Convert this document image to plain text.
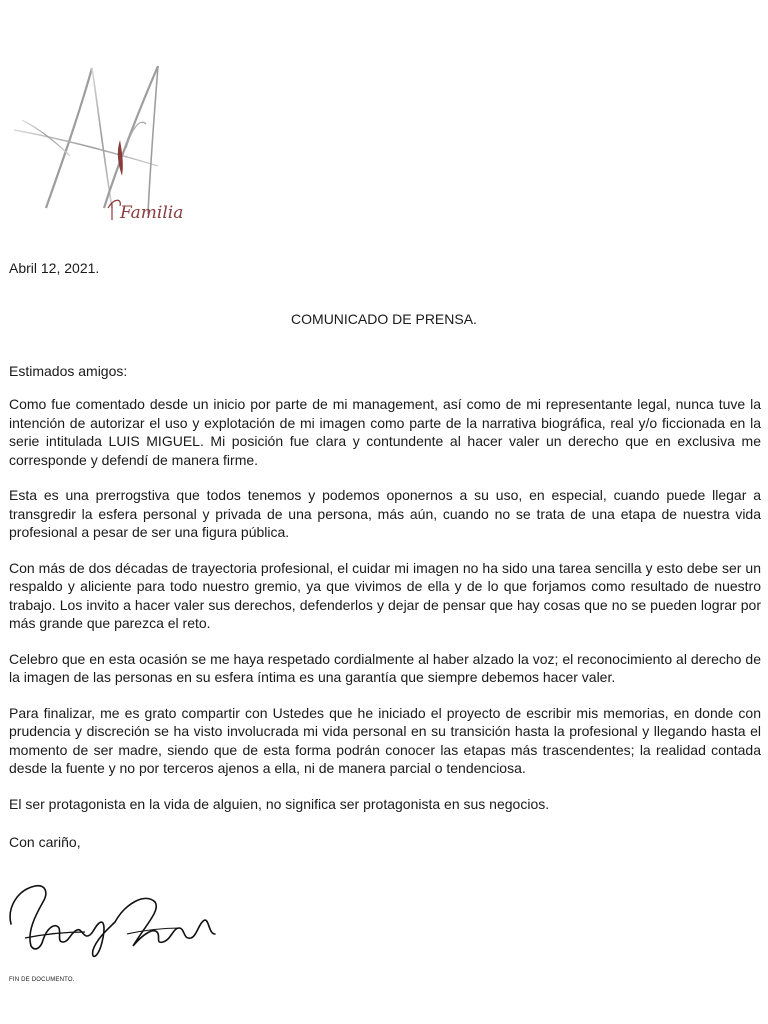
Familia
Abril 12, 2021.
COMUNICADO DE PRENSA.
Estimados amigos:

Como fue comentado desde un inicio por parte de mi management, así como de mi representante legal, nunca tuve la intención de autorizar el uso y explotación de mi imagen como parte de la narrativa biográfica, real y/o ficcionada en la serie intitulada LUIS MIGUEL. Mi posición fue clara y contundente al hacer valer un derecho que en exclusiva me corresponde y defendí de manera firme.

Esta es una prerrogstiva que todos tenemos y podemos oponernos a su uso, en especial, cuando puede llegar a transgredir la esfera personal y privada de una persona, más aún, cuando no se trata de una etapa de nuestra vida profesional a pesar de ser una figura pública.

Con más de dos décadas de trayectoria profesional, el cuidar mi imagen no ha sido una tarea sencilla y esto debe ser un respaldo y aliciente para todo nuestro gremio, ya que vivimos de ella y de lo que forjamos como resultado de nuestro trabajo. Los invito a hacer valer sus derechos, defenderlos y dejar de pensar que hay cosas que no se pueden lograr por más grande que parezca el reto.

Celebro que en esta ocasión se me haya respetado cordialmente al haber alzado la voz; el reconocimiento al derecho de la imagen de las personas en su esfera íntima es una garantía que siempre debemos hacer valer.

Para finalizar, me es grato compartir con Ustedes que he iniciado el proyecto de escribir mis memorias, en donde con prudencia y discreción se ha visto involucrada mi vida personal en su transición hasta la profesional y llegando hasta el momento de ser madre, siendo que de esta forma podrán conocer las etapas más trascendentes; la realidad contada desde la fuente y no por terceros ajenos a ella, ni de manera parcial o tendenciosa.

El ser protagonista en la vida de alguien, no significa ser protagonista en sus negocios.

Con cariño,
FIN DE DOCUMENTO.
